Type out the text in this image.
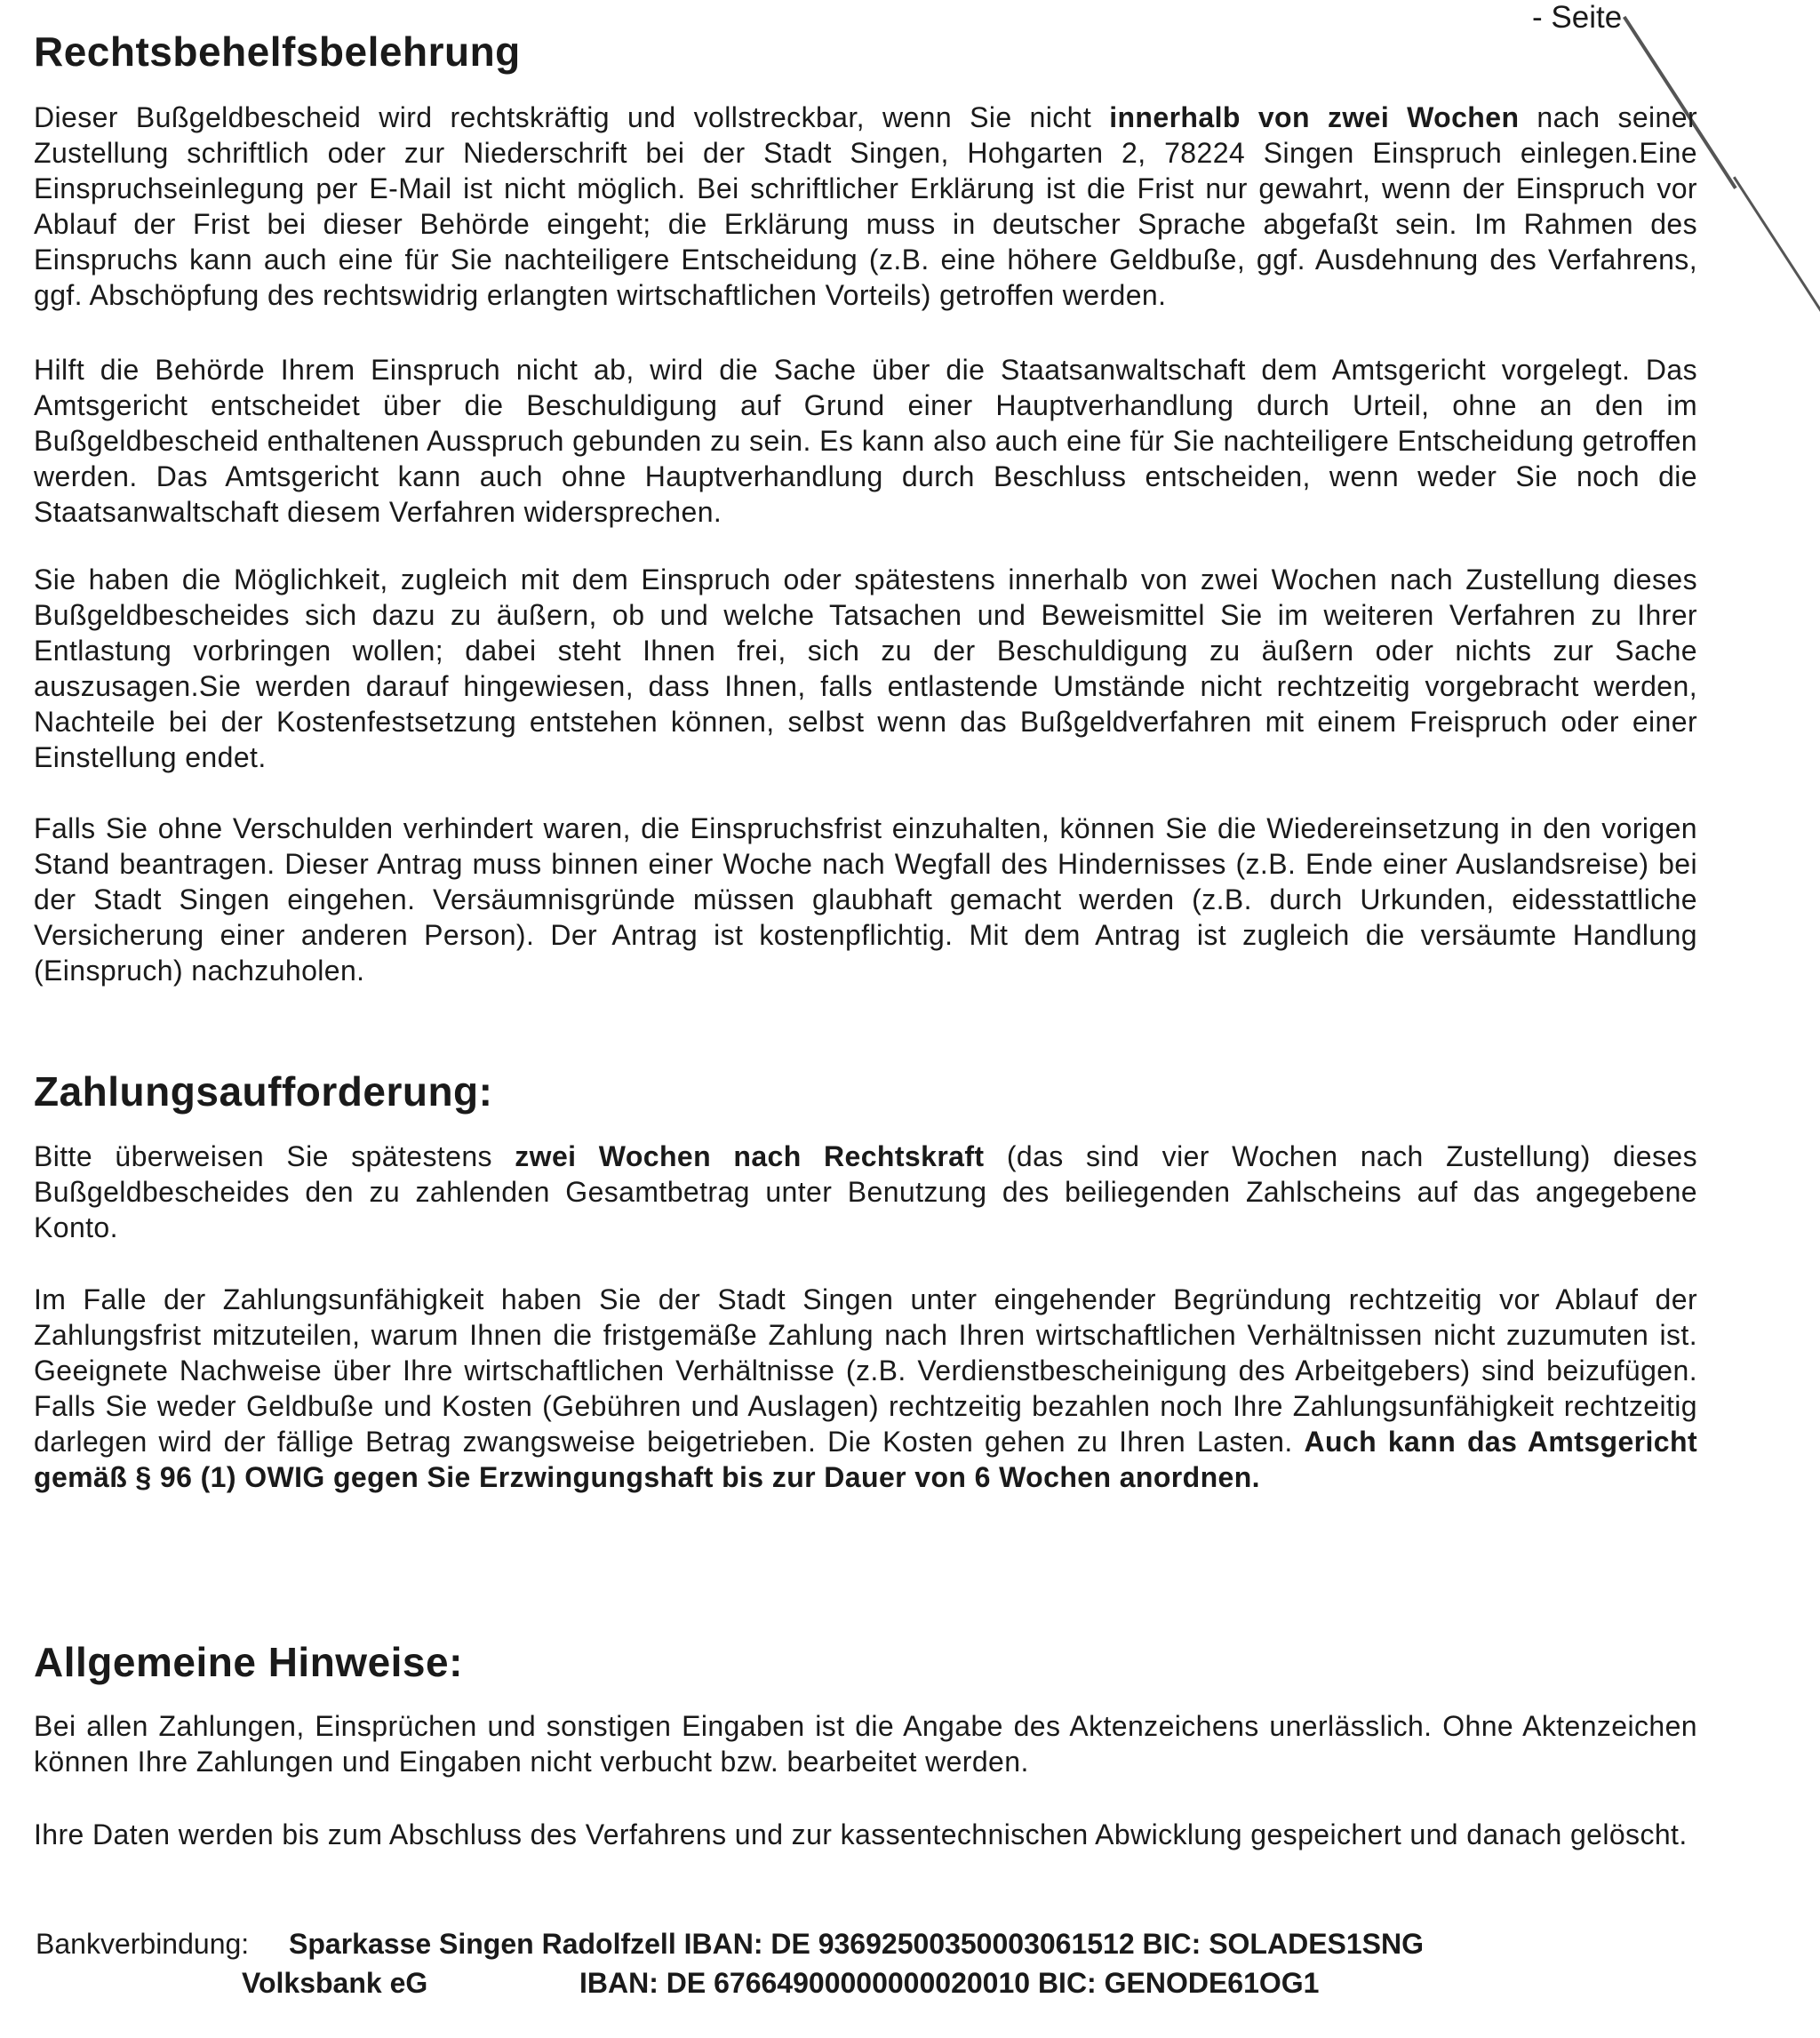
- Seite
Rechtsbehelfsbelehrung

Dieser Bußgeldbescheid wird rechtskräftig und vollstreckbar, wenn Sie nicht innerhalb von zwei Wochen nach seiner Zustellung schriftlich oder zur Niederschrift bei der Stadt Singen, Hohgarten 2, 78224 Singen Einspruch einlegen.Eine Einspruchseinlegung per E-Mail ist nicht möglich. Bei schriftlicher Erklärung ist die Frist nur gewahrt, wenn der Einspruch vor Ablauf der Frist bei dieser Behörde eingeht; die Erklärung muss in deutscher Sprache abgefaßt sein. Im Rahmen des Einspruchs kann auch eine für Sie nachteiligere Entscheidung (z.B. eine höhere Geldbuße, ggf. Ausdehnung des Verfahrens, ggf. Abschöpfung des rechtswidrig erlangten wirtschaftlichen Vorteils) getroffen werden.

Hilft die Behörde Ihrem Einspruch nicht ab, wird die Sache über die Staatsanwaltschaft dem Amtsgericht vorgelegt. Das Amtsgericht entscheidet über die Beschuldigung auf Grund einer Hauptverhandlung durch Urteil, ohne an den im Bußgeldbescheid enthaltenen Ausspruch gebunden zu sein. Es kann also auch eine für Sie nachteiligere Entscheidung getroffen werden. Das Amtsgericht kann auch ohne Hauptverhandlung durch Beschluss entscheiden, wenn weder Sie noch die Staatsanwaltschaft diesem Verfahren widersprechen.

Sie haben die Möglichkeit, zugleich mit dem Einspruch oder spätestens innerhalb von zwei Wochen nach Zustellung dieses Bußgeldbescheides sich dazu zu äußern, ob und welche Tatsachen und Beweismittel Sie im weiteren Verfahren zu Ihrer Entlastung vorbringen wollen; dabei steht Ihnen frei, sich zu der Beschuldigung zu äußern oder nichts zur Sache auszusagen.Sie werden darauf hingewiesen, dass Ihnen, falls entlastende Umstände nicht rechtzeitig vorgebracht werden, Nachteile bei der Kostenfestsetzung entstehen können, selbst wenn das Bußgeldverfahren mit einem Freispruch oder einer Einstellung endet.

Falls Sie ohne Verschulden verhindert waren, die Einspruchsfrist einzuhalten, können Sie die Wiedereinsetzung in den vorigen Stand beantragen. Dieser Antrag muss binnen einer Woche nach Wegfall des Hindernisses (z.B. Ende einer Auslandsreise) bei der Stadt Singen eingehen. Versäumnisgründe müssen glaubhaft gemacht werden (z.B. durch Urkunden, eidesstattliche Versicherung einer anderen Person). Der Antrag ist kostenpflichtig. Mit dem Antrag ist zugleich die versäumte Handlung (Einspruch) nachzuholen.

Zahlungsaufforderung:

Bitte überweisen Sie spätestens zwei Wochen nach Rechtskraft (das sind vier Wochen nach Zustellung) dieses Bußgeldbescheides den zu zahlenden Gesamtbetrag unter Benutzung des beiliegenden Zahlscheins auf das angegebene Konto.

Im Falle der Zahlungsunfähigkeit haben Sie der Stadt Singen unter eingehender Begründung rechtzeitig vor Ablauf der Zahlungsfrist mitzuteilen, warum Ihnen die fristgemäße Zahlung nach Ihren wirtschaftlichen Verhältnissen nicht zuzumuten ist. Geeignete Nachweise über Ihre wirtschaftlichen Verhältnisse (z.B. Verdienstbescheinigung des Arbeitgebers) sind beizufügen. Falls Sie weder Geldbuße und Kosten (Gebühren und Auslagen) rechtzeitig bezahlen noch Ihre Zahlungsunfähigkeit rechtzeitig darlegen wird der fällige Betrag zwangsweise beigetrieben. Die Kosten gehen zu Ihren Lasten. Auch kann das Amtsgericht gemäß § 96 (1) OWIG gegen Sie Erzwingungshaft bis zur Dauer von 6 Wochen anordnen.

Allgemeine Hinweise:

Bei allen Zahlungen, Einsprüchen und sonstigen Eingaben ist die Angabe des Aktenzeichens unerlässlich. Ohne Aktenzeichen können Ihre Zahlungen und Eingaben nicht verbucht bzw. bearbeitet werden.

Ihre Daten werden bis zum Abschluss des Verfahrens und zur kassentechnischen Abwicklung gespeichert und danach gelöscht.

Bankverbindung: Sparkasse Singen Radolfzell IBAN: DE 93692500350003061512 BIC: SOLADES1SNG
Volksbank eG	IBAN: DE 67664900000000020010 BIC: GENODE61OG1
